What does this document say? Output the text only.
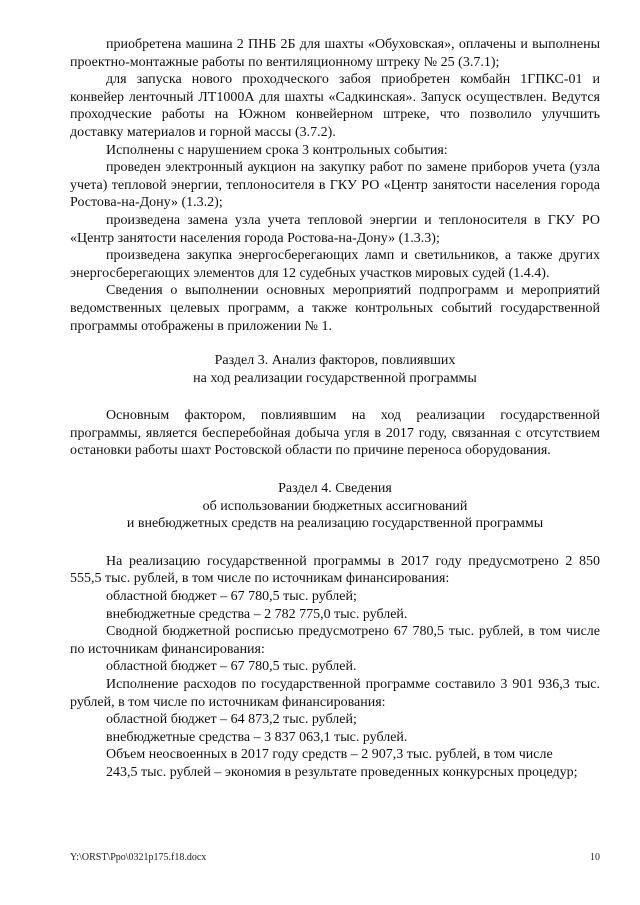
приобретена машина 2 ПНБ 2Б для шахты «Обуховская», оплачены и выполнены проектно-монтажные работы по вентиляционному штреку № 25 (3.7.1);

для запуска нового проходческого забоя приобретен комбайн 1ГПКС-01 и конвейер ленточный ЛТ1000А для шахты «Садкинская». Запуск осуществлен. Ведутся проходческие работы на Южном конвейерном штреке, что позволило улучшить доставку материалов и горной массы (3.7.2).

Исполнены с нарушением срока 3 контрольных события:

проведен электронный аукцион на закупку работ по замене приборов учета (узла учета) тепловой энергии, теплоносителя в ГКУ РО «Центр занятости населения города Ростова-на-Дону» (1.3.2);

произведена замена узла учета тепловой энергии и теплоносителя в ГКУ РО «Центр занятости населения города Ростова-на-Дону» (1.3.3);

произведена закупка энергосберегающих ламп и светильников, а также других энергосберегающих элементов для 12 судебных участков мировых судей (1.4.4).

Сведения о выполнении основных мероприятий подпрограмм и мероприятий ведомственных целевых программ, а также контрольных событий государственной программы отображены в приложении № 1.

Раздел 3. Анализ факторов, повлиявших

на ход реализации государственной программы

Основным фактором, повлиявшим на ход реализации государственной программы, является бесперебойная добыча угля в 2017 году, связанная с отсутствием остановки работы шахт Ростовской области по причине переноса оборудования.

Раздел 4. Сведения

об использовании бюджетных ассигнований

и внебюджетных средств на реализацию государственной программы

На реализацию государственной программы в 2017 году предусмотрено 2 850 555,5 тыс. рублей, в том числе по источникам финансирования:

областной бюджет – 67 780,5 тыс. рублей;

внебюджетные средства – 2 782 775,0 тыс. рублей.

Сводной бюджетной росписью предусмотрено 67 780,5 тыс. рублей, в том числе по источникам финансирования:

областной бюджет – 67 780,5 тыс. рублей.

Исполнение расходов по государственной программе составило 3 901 936,3 тыс. рублей, в том числе по источникам финансирования:

областной бюджет – 64 873,2 тыс. рублей;

внебюджетные средства – 3 837 063,1 тыс. рублей.

Объем неосвоенных в 2017 году средств – 2 907,3 тыс. рублей, в том числе

243,5 тыс. рублей – экономия в результате проведенных конкурсных процедур;

Y:\ORST\Ppo\0321p175.f18.docx	10
